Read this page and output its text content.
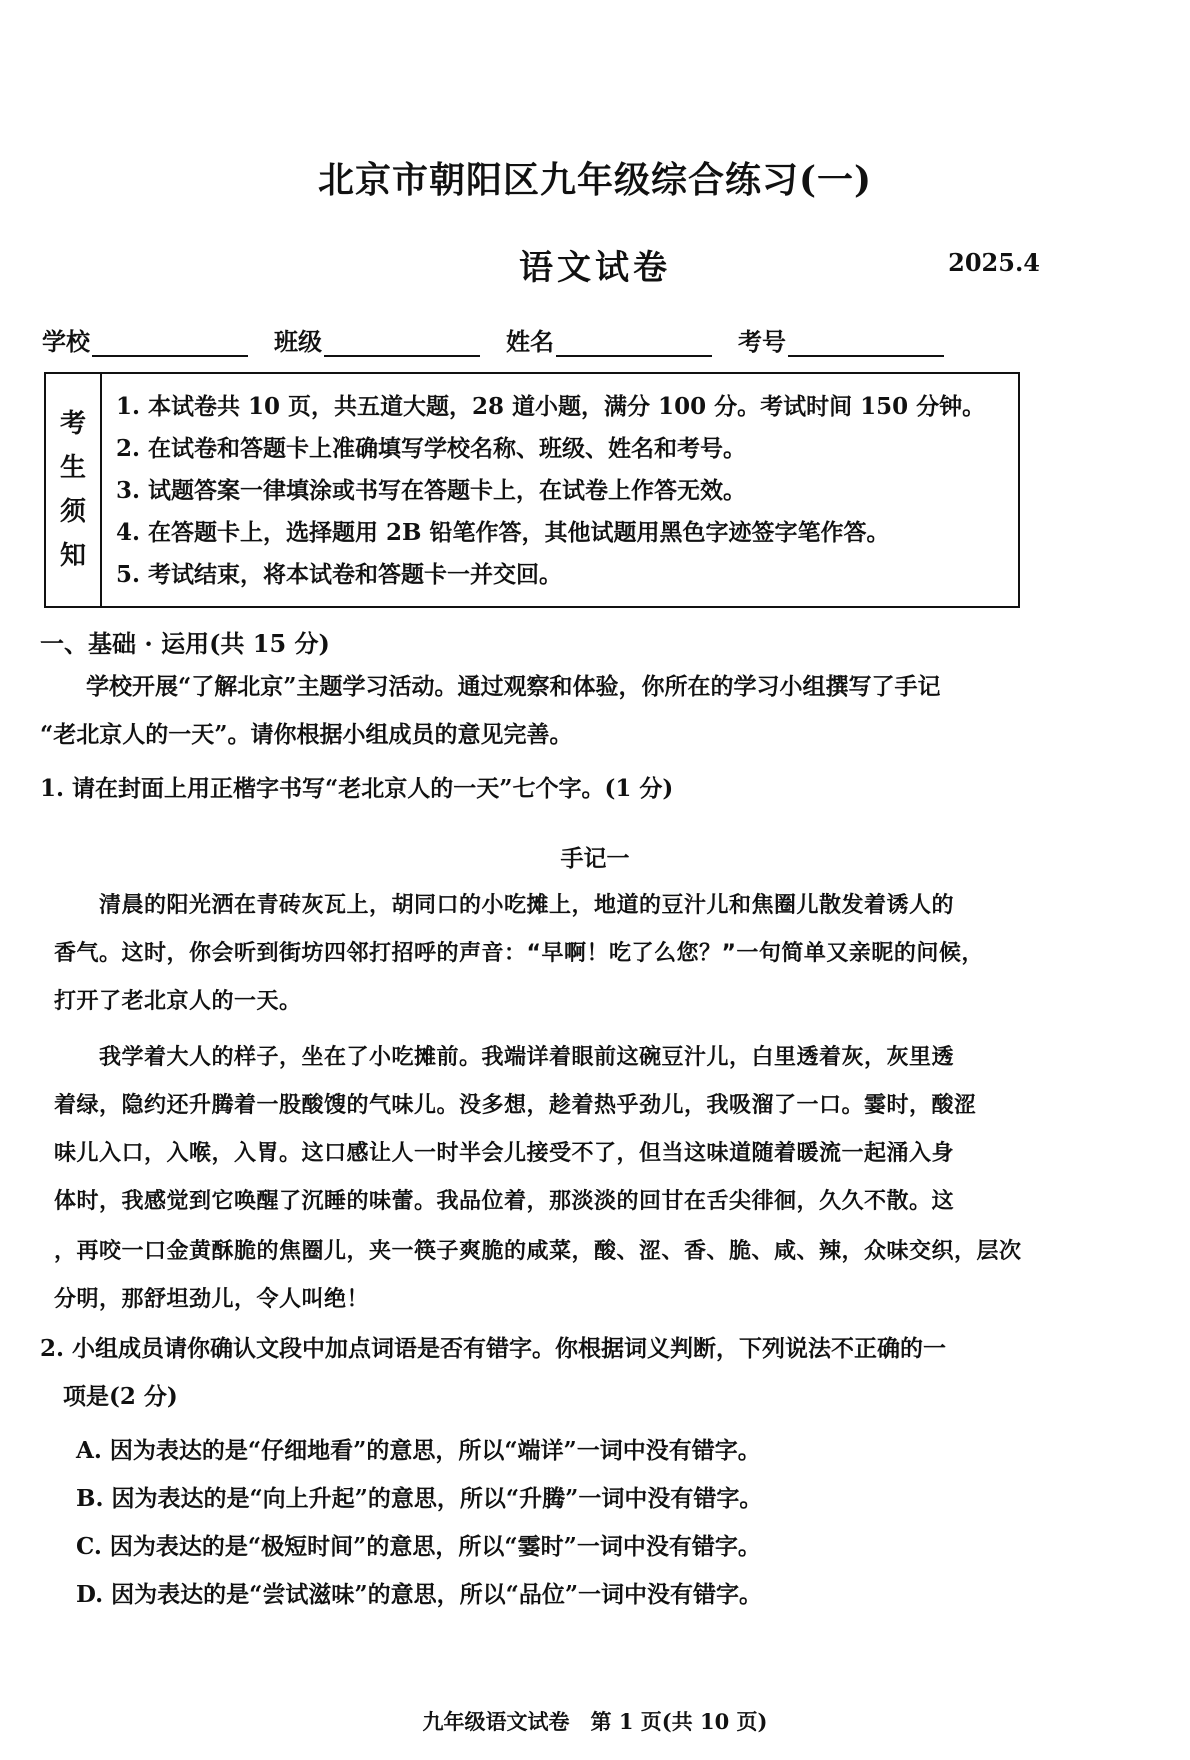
北京市朝阳区九年级综合练习(一)
语文试卷	2025.4
学校	班级	姓名	考号
考
生
须
知
1. 本试卷共 10 页，共五道大题，28 道小题，满分 100 分。考试时间 150 分钟。
2. 在试卷和答题卡上准确填写学校名称、班级、姓名和考号。
3. 试题答案一律填涂或书写在答题卡上，在试卷上作答无效。
4. 在答题卡上，选择题用 2B 铅笔作答，其他试题用黑色字迹签字笔作答。
5. 考试结束，将本试卷和答题卡一并交回。
一、基础 · 运用(共 15 分)
　　学校开展“了解北京”主题学习活动。通过观察和体验，你所在的学习小组撰写了手记
“老北京人的一天”。请你根据小组成员的意见完善。
1. 请在封面上用正楷字书写“老北京人的一天”七个字。(1 分)
手记一
　　清晨的阳光洒在青砖灰瓦上，胡同口的小吃摊上，地道的豆汁儿和焦圈儿散发着诱人的
香气。这时，你会听到街坊四邻打招呼的声音：“早啊！吃了么您？”一句简单又亲昵的问候，
打开了老北京人的一天。
　　我学着大人的样子，坐在了小吃摊前。我端详着眼前这碗豆汁儿，白里透着灰，灰里透
着绿，隐约还升腾着一股酸馊的气味儿。没多想，趁着热乎劲儿，我吸溜了一口。霎时，酸涩
味儿入口，入喉，入胃。这口感让人一时半会儿接受不了，但当这味道随着暖流一起涌入身
体时，我感觉到它唤醒了沉睡的味蕾。我品位着，那淡淡的回甘在舌尖徘徊，久久不散。这
，再咬一口金黄酥脆的焦圈儿，夹一筷子爽脆的咸菜，酸、涩、香、脆、咸、辣，众味交织，层次
分明，那舒坦劲儿，令人叫绝！
2. 小组成员请你确认文段中加点词语是否有错字。你根据词义判断，下列说法不正确的一
　项是(2 分)
A. 因为表达的是“仔细地看”的意思，所以“端详”一词中没有错字。
B. 因为表达的是“向上升起”的意思，所以“升腾”一词中没有错字。
C. 因为表达的是“极短时间”的意思，所以“霎时”一词中没有错字。
D. 因为表达的是“尝试滋味”的意思，所以“品位”一词中没有错字。
九年级语文试卷　第 1 页(共 10 页)
